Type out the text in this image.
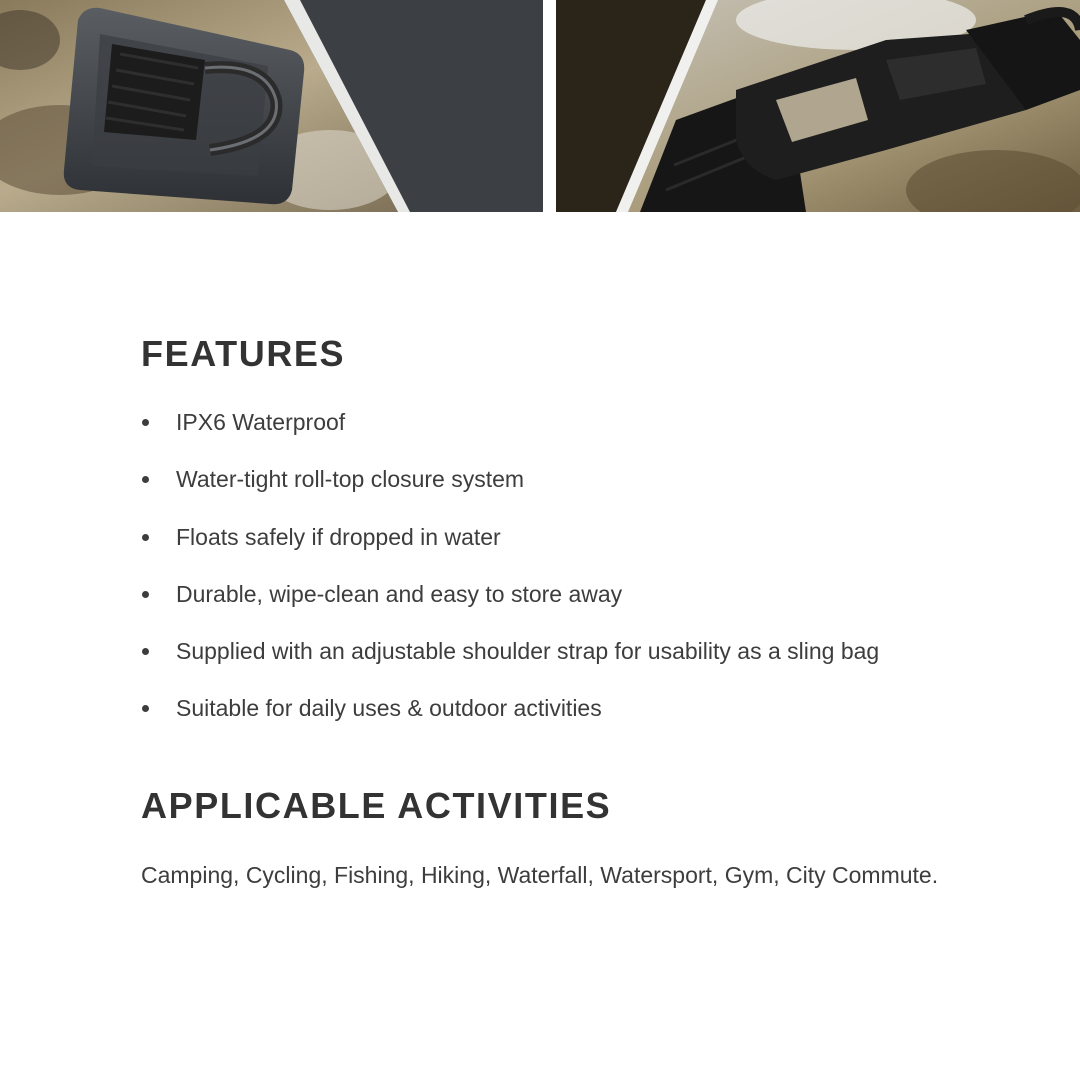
FEATURES
IPX6 Waterproof
Water-tight roll-top closure system
Floats safely if dropped in water
Durable, wipe-clean and easy to store away
Supplied with an adjustable shoulder strap for usability as a sling bag
Suitable for daily uses & outdoor activities
APPLICABLE ACTIVITIES

Camping, Cycling, Fishing, Hiking, Waterfall, Watersport, Gym, City Commute.
